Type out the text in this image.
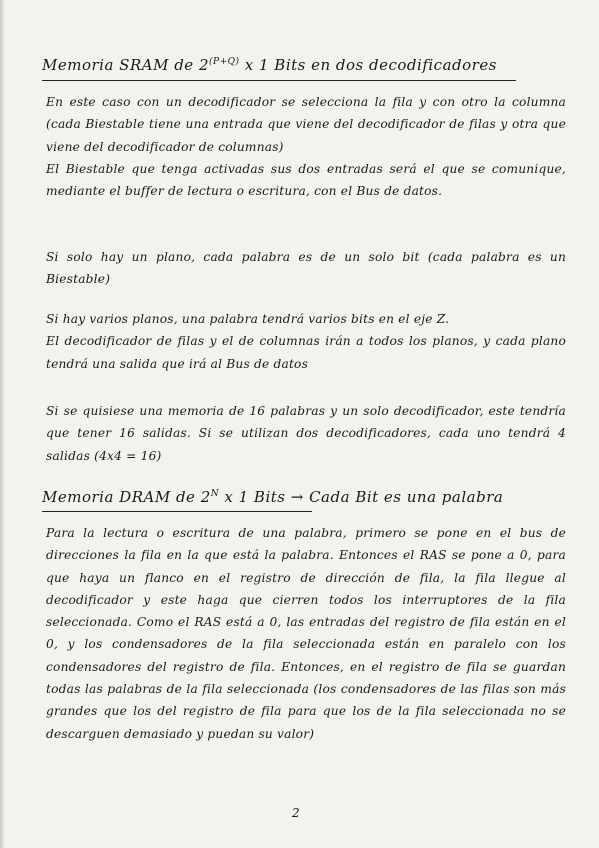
Memoria SRAM de $2^{(P+Q)}$ x 1 Bits en dos decodificadores
En este caso con un decodificador se selecciona la fila y con otro la columna (cada Biestable tiene una entrada que viene del decodificador de filas y otra que viene del decodificador de columnas)
El Biestable que tenga activadas sus dos entradas será el que se comunique, mediante el buffer de lectura o escritura, con el Bus de datos.
Si solo hay un plano, cada palabra es de un solo bit (cada palabra es un Biestable)
Si hay varios planos, una palabra tendrá varios bits en el eje Z.
El decodificador de filas y el de columnas irán a todos los planos, y cada plano tendrá una salida que irá al Bus de datos
Si se quisiese una memoria de 16 palabras y un solo decodificador, este tendría que tener 16 salidas. Si se utilizan dos decodificadores, cada uno tendrá 4 salidas (4x4 = 16)
Memoria DRAM de $2^N$ x 1 Bits → Cada Bit es una palabra
Para la lectura o escritura de una palabra, primero se pone en el bus de direcciones la fila en la que está la palabra. Entonces el RAS se pone a 0, para que haya un flanco en el registro de dirección de fila, la fila llegue al decodificador y este haga que cierren todos los interruptores de la fila seleccionada. Como el RAS está a 0, las entradas del registro de fila están en el 0, y los condensadores de la fila seleccionada están en paralelo con los condensadores del registro de fila. Entonces, en el registro de fila se guardan todas las palabras de la fila seleccionada (los condensadores de las filas son más grandes que los del registro de fila para que los de la fila seleccionada no se descarguen demasiado y puedan su valor)
2
